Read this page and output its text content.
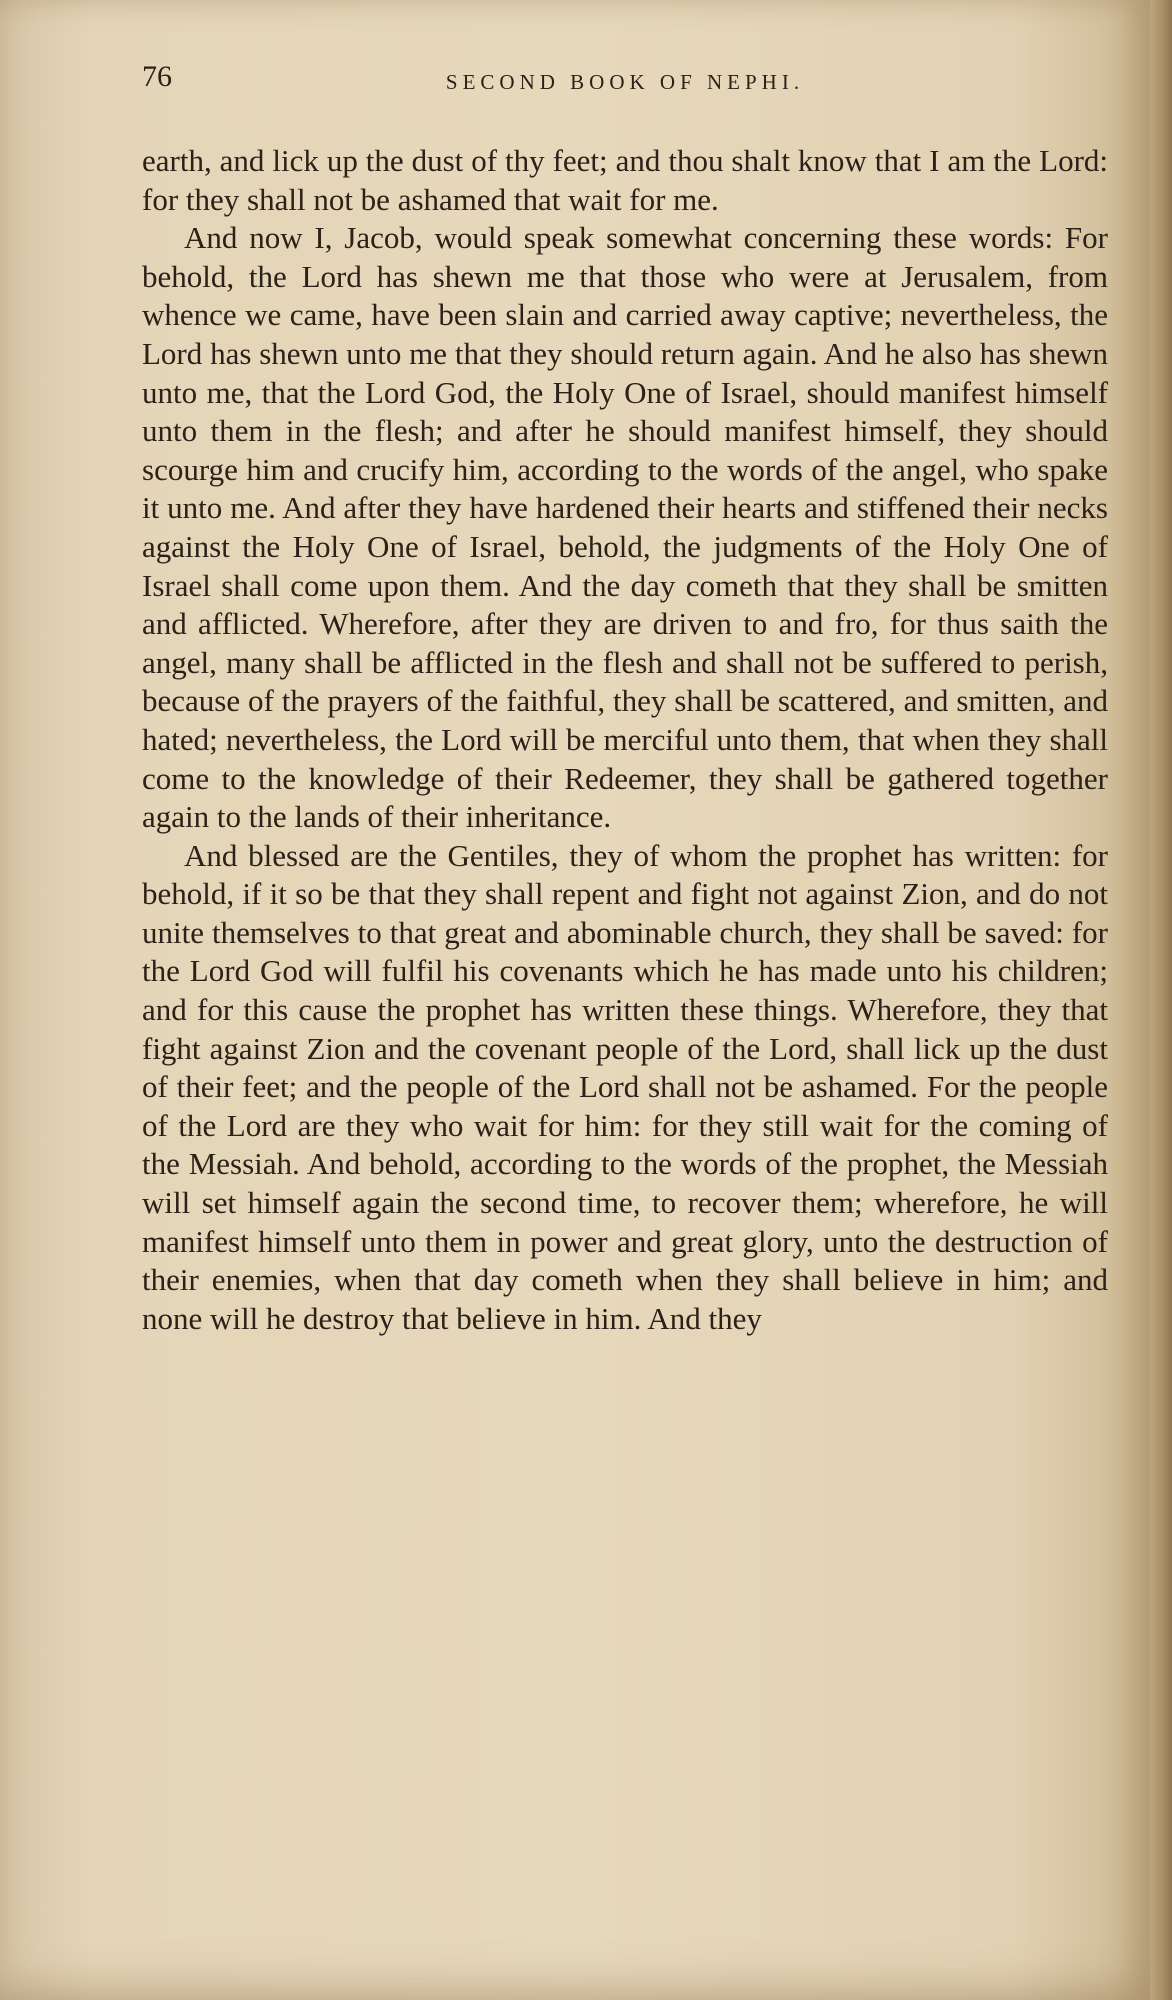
76	SECOND BOOK OF NEPHI.

earth, and lick up the dust of thy feet; and thou shalt know that I am the Lord: for they shall not be ashamed that wait for me.

And now I, Jacob, would speak somewhat concerning these words: For behold, the Lord has shewn me that those who were at Jerusalem, from whence we came, have been slain and carried away captive; nevertheless, the Lord has shewn unto me that they should return again. And he also has shewn unto me, that the Lord God, the Holy One of Israel, should manifest himself unto them in the flesh; and after he should manifest himself, they should scourge him and crucify him, according to the words of the angel, who spake it unto me. And after they have hardened their hearts and stiffened their necks against the Holy One of Israel, behold, the judgments of the Holy One of Israel shall come upon them. And the day cometh that they shall be smitten and afflicted. Wherefore, after they are driven to and fro, for thus saith the angel, many shall be afflicted in the flesh and shall not be suffered to perish, because of the prayers of the faithful, they shall be scattered, and smitten, and hated; nevertheless, the Lord will be merciful unto them, that when they shall come to the knowledge of their Redeemer, they shall be gathered together again to the lands of their inheritance.

And blessed are the Gentiles, they of whom the prophet has written: for behold, if it so be that they shall repent and fight not against Zion, and do not unite themselves to that great and abominable church, they shall be saved: for the Lord God will fulfil his covenants which he has made unto his children; and for this cause the prophet has written these things. Wherefore, they that fight against Zion and the covenant people of the Lord, shall lick up the dust of their feet; and the people of the Lord shall not be ashamed. For the people of the Lord are they who wait for him: for they still wait for the coming of the Messiah. And behold, according to the words of the prophet, the Messiah will set himself again the second time, to recover them; wherefore, he will manifest himself unto them in power and great glory, unto the destruction of their enemies, when that day cometh when they shall believe in him; and none will he destroy that believe in him. And they
